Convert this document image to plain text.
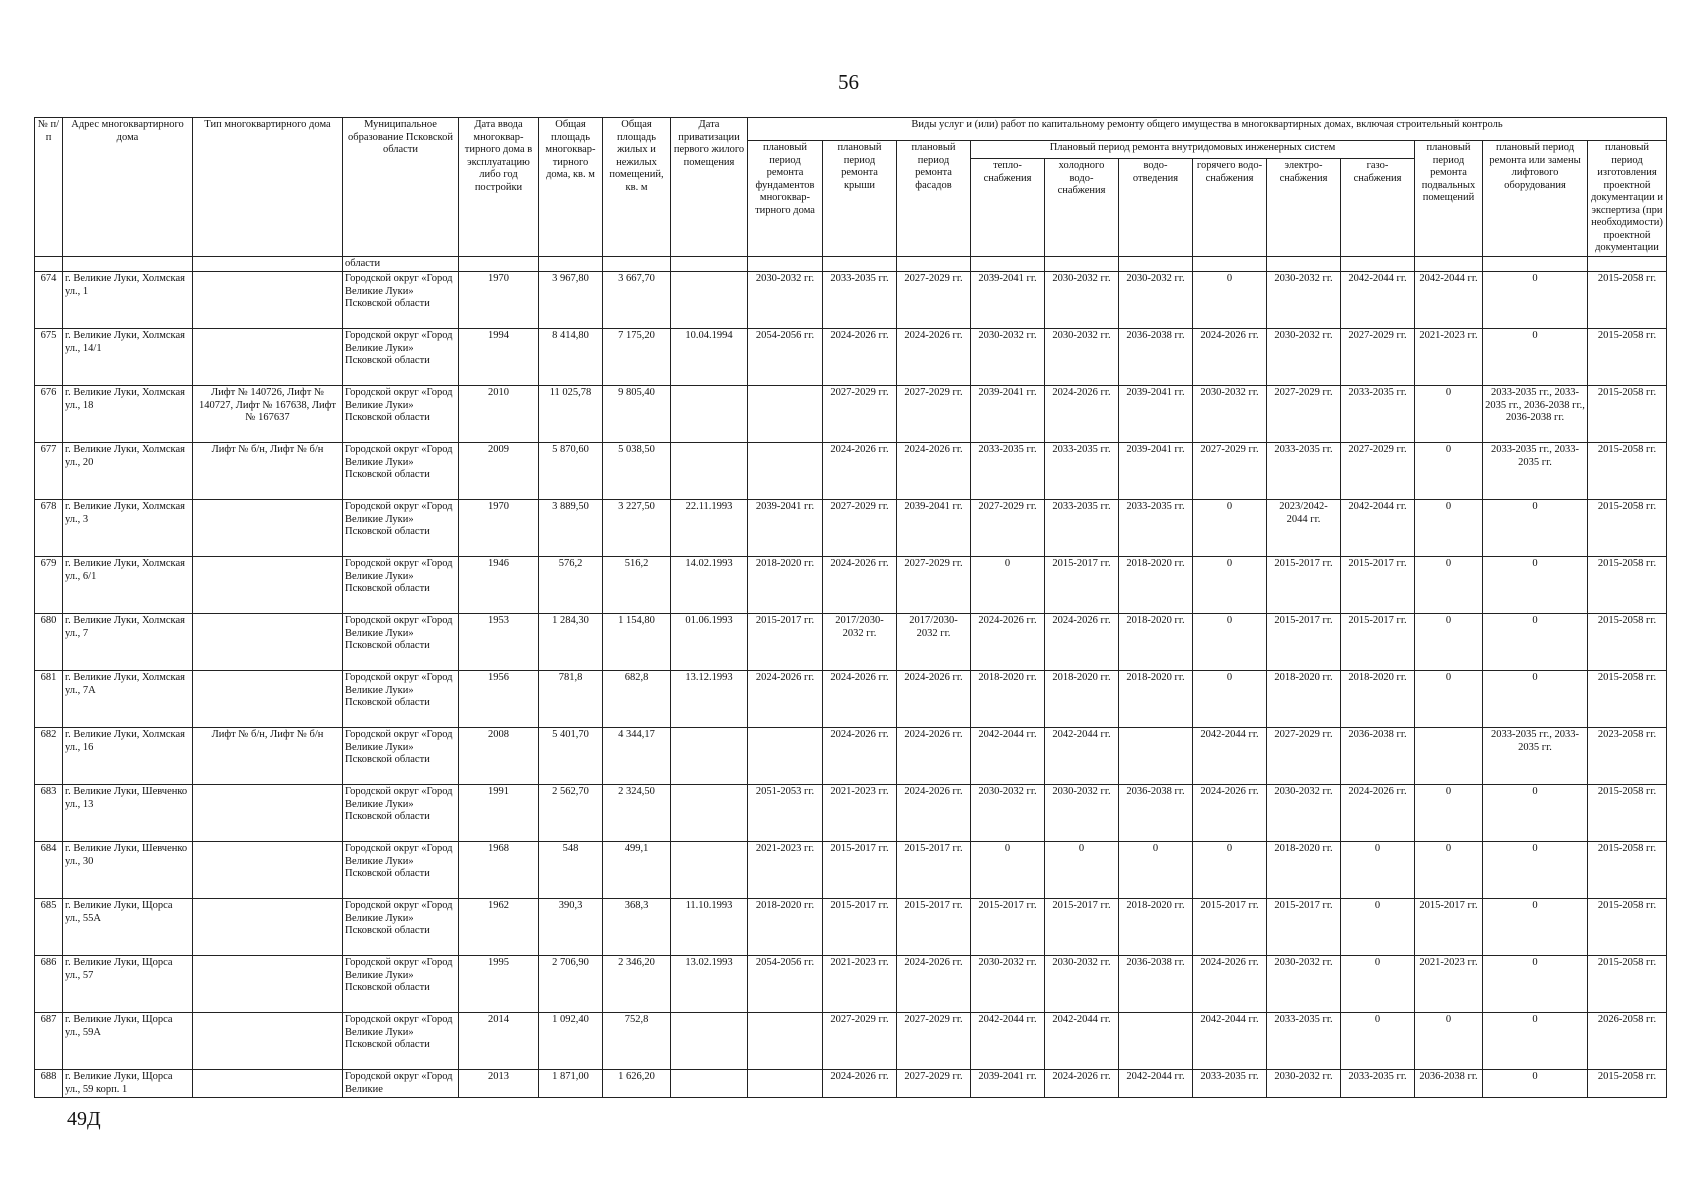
56
№ п/п	Адрес многоквартирного дома	Тип многоквартирного дома	Муниципальное образование Псковской области	Дата ввода многоквар-тирного дома в эксплуатацию либо год постройки	Общая площадь многоквар-тирного дома, кв. м	Общая площадь жилых и нежилых помещений, кв. м	Дата приватизации первого жилого помещения	Виды услуг и (или) работ по капитальному ремонту общего имущества в многоквартирных домах, включая строительный контроль											
								плановый период ремонта фундаментов многоквар-тирного дома	плановый период ремонта крыши	плановый период ремонта фасадов	Плановый период ремонта внутридомовых инженерных систем						плановый период ремонта подвальных помещений	плановый период ремонта или замены лифтового оборудования	плановый период изготовления проектной документации и экспертиза (при необходимости) проектной документации
											тепло-снабжения	холодного водо-снабжения	водо-отведения	горячего водо-снабжения	электро-снабжения	газо-снабжения			
			области																
674	г. Великие Луки, Холмская ул., 1		Городской округ «Город Великие Луки» Псковской области	1970	3 967,80	3 667,70		2030-2032 гг.	2033-2035 гг.	2027-2029 гг.	2039-2041 гг.	2030-2032 гг.	2030-2032 гг.	0	2030-2032 гг.	2042-2044 гг.	2042-2044 гг.	0	2015-2058 гг.
675	г. Великие Луки, Холмская ул., 14/1		Городской округ «Город Великие Луки» Псковской области	1994	8 414,80	7 175,20	10.04.1994	2054-2056 гг.	2024-2026 гг.	2024-2026 гг.	2030-2032 гг.	2030-2032 гг.	2036-2038 гг.	2024-2026 гг.	2030-2032 гг.	2027-2029 гг.	2021-2023 гг.	0	2015-2058 гг.
676	г. Великие Луки, Холмская ул., 18	Лифт № 140726, Лифт № 140727, Лифт № 167638, Лифт № 167637	Городской округ «Город Великие Луки» Псковской области	2010	11 025,78	9 805,40			2027-2029 гг.	2027-2029 гг.	2039-2041 гг.	2024-2026 гг.	2039-2041 гг.	2030-2032 гг.	2027-2029 гг.	2033-2035 гг.	0	2033-2035 гг., 2033-2035 гг., 2036-2038 гг., 2036-2038 гг.	2015-2058 гг.
677	г. Великие Луки, Холмская ул., 20	Лифт № б/н, Лифт № б/н	Городской округ «Город Великие Луки» Псковской области	2009	5 870,60	5 038,50			2024-2026 гг.	2024-2026 гг.	2033-2035 гг.	2033-2035 гг.	2039-2041 гг.	2027-2029 гг.	2033-2035 гг.	2027-2029 гг.	0	2033-2035 гг., 2033-2035 гг.	2015-2058 гг.
678	г. Великие Луки, Холмская ул., 3		Городской округ «Город Великие Луки» Псковской области	1970	3 889,50	3 227,50	22.11.1993	2039-2041 гг.	2027-2029 гг.	2039-2041 гг.	2027-2029 гг.	2033-2035 гг.	2033-2035 гг.	0	2023/2042-2044 гг.	2042-2044 гг.	0	0	2015-2058 гг.
679	г. Великие Луки, Холмская ул., 6/1		Городской округ «Город Великие Луки» Псковской области	1946	576,2	516,2	14.02.1993	2018-2020 гг.	2024-2026 гг.	2027-2029 гг.	0	2015-2017 гг.	2018-2020 гг.	0	2015-2017 гг.	2015-2017 гг.	0	0	2015-2058 гг.
680	г. Великие Луки, Холмская ул., 7		Городской округ «Город Великие Луки» Псковской области	1953	1 284,30	1 154,80	01.06.1993	2015-2017 гг.	2017/2030-2032 гг.	2017/2030-2032 гг.	2024-2026 гг.	2024-2026 гг.	2018-2020 гг.	0	2015-2017 гг.	2015-2017 гг.	0	0	2015-2058 гг.
681	г. Великие Луки, Холмская ул., 7А		Городской округ «Город Великие Луки» Псковской области	1956	781,8	682,8	13.12.1993	2024-2026 гг.	2024-2026 гг.	2024-2026 гг.	2018-2020 гг.	2018-2020 гг.	2018-2020 гг.	0	2018-2020 гг.	2018-2020 гг.	0	0	2015-2058 гг.
682	г. Великие Луки, Холмская ул., 16	Лифт № б/н, Лифт № б/н	Городской округ «Город Великие Луки» Псковской области	2008	5 401,70	4 344,17			2024-2026 гг.	2024-2026 гг.	2042-2044 гг.	2042-2044 гг.		2042-2044 гг.	2027-2029 гг.	2036-2038 гг.		2033-2035 гг., 2033-2035 гг.	2023-2058 гг.
683	г. Великие Луки, Шевченко ул., 13		Городской округ «Город Великие Луки» Псковской области	1991	2 562,70	2 324,50		2051-2053 гг.	2021-2023 гг.	2024-2026 гг.	2030-2032 гг.	2030-2032 гг.	2036-2038 гг.	2024-2026 гг.	2030-2032 гг.	2024-2026 гг.	0	0	2015-2058 гг.
684	г. Великие Луки, Шевченко ул., 30		Городской округ «Город Великие Луки» Псковской области	1968	548	499,1		2021-2023 гг.	2015-2017 гг.	2015-2017 гг.	0	0	0	0	2018-2020 гг.	0	0	0	2015-2058 гг.
685	г. Великие Луки, Щорса ул., 55А		Городской округ «Город Великие Луки» Псковской области	1962	390,3	368,3	11.10.1993	2018-2020 гг.	2015-2017 гг.	2015-2017 гг.	2015-2017 гг.	2015-2017 гг.	2018-2020 гг.	2015-2017 гг.	2015-2017 гг.	0	2015-2017 гг.	0	2015-2058 гг.
686	г. Великие Луки, Щорса ул., 57		Городской округ «Город Великие Луки» Псковской области	1995	2 706,90	2 346,20	13.02.1993	2054-2056 гг.	2021-2023 гг.	2024-2026 гг.	2030-2032 гг.	2030-2032 гг.	2036-2038 гг.	2024-2026 гг.	2030-2032 гг.	0	2021-2023 гг.	0	2015-2058 гг.
687	г. Великие Луки, Щорса ул., 59А		Городской округ «Город Великие Луки» Псковской области	2014	1 092,40	752,8			2027-2029 гг.	2027-2029 гг.	2042-2044 гг.	2042-2044 гг.		2042-2044 гг.	2033-2035 гг.	0	0	0	2026-2058 гг.
688	г. Великие Луки, Щорса ул., 59 корп. 1		Городской округ «Город Великие	2013	1 871,00	1 626,20			2024-2026 гг.	2027-2029 гг.	2039-2041 гг.	2024-2026 гг.	2042-2044 гг.	2033-2035 гг.	2030-2032 гг.	2033-2035 гг.	2036-2038 гг.	0	2015-2058 гг.
49Д
